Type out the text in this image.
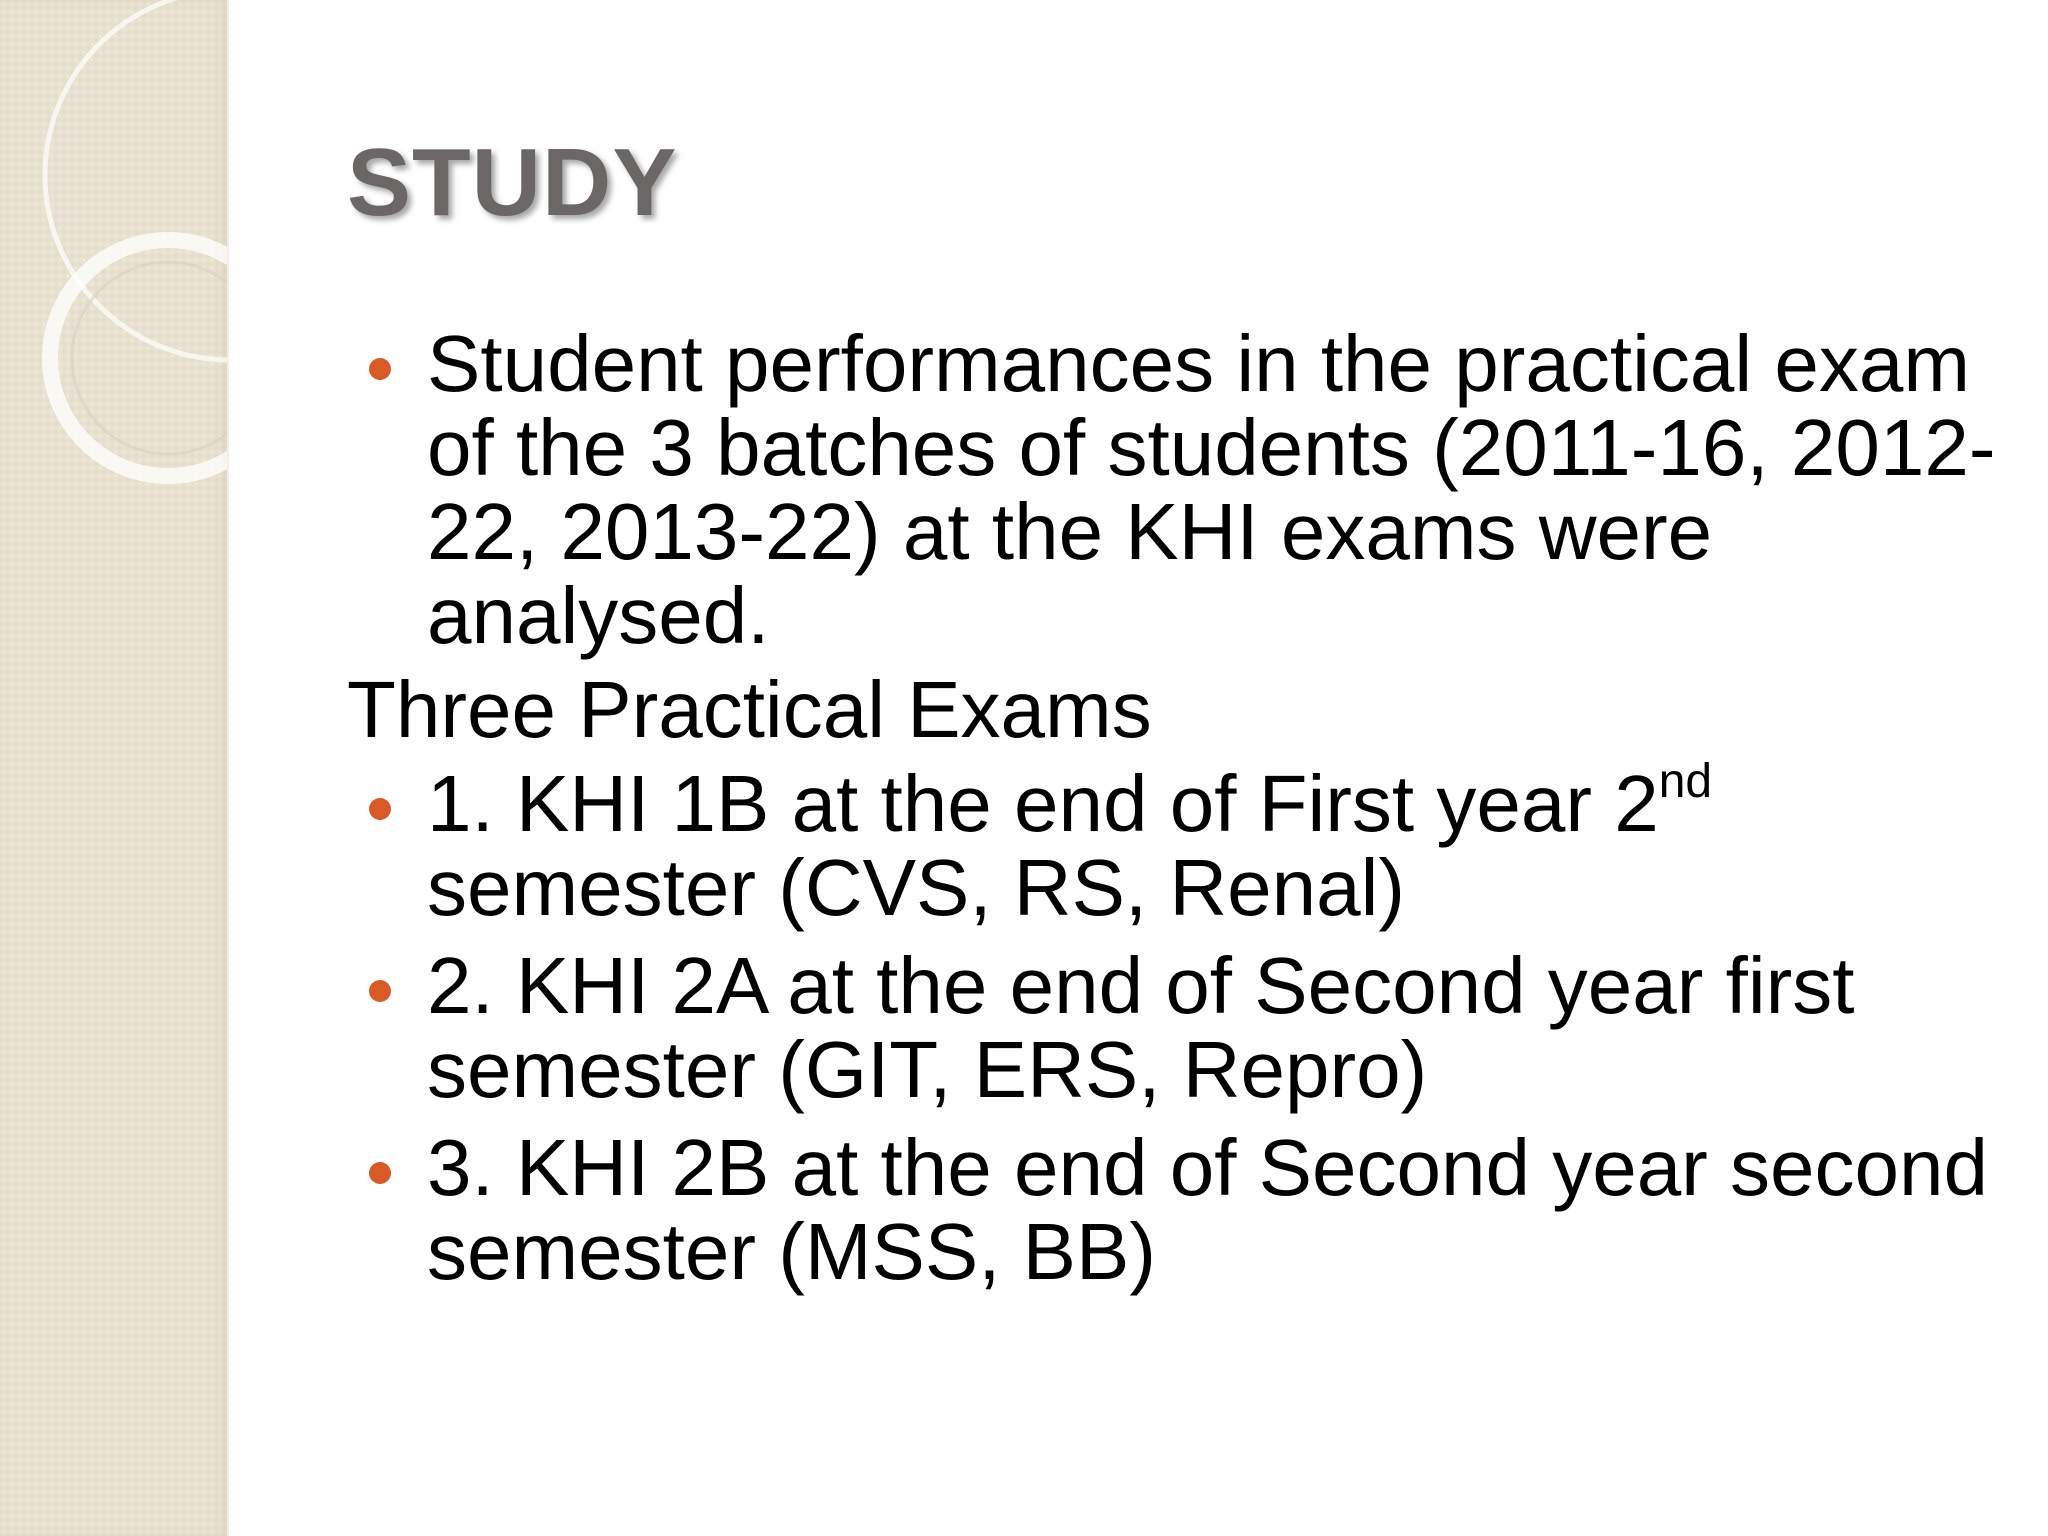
STUDY

Student performances in the practical exam of the 3 batches of students (2011-16, 2012-22, 2013-22) at the KHI exams were analysed.

Three Practical Exams

1. KHI 1B at the end of First year 2nd semester (CVS, RS, Renal)

2. KHI 2A at the end of Second year first semester (GIT, ERS, Repro)

3. KHI 2B at the end of Second year second semester (MSS, BB)
